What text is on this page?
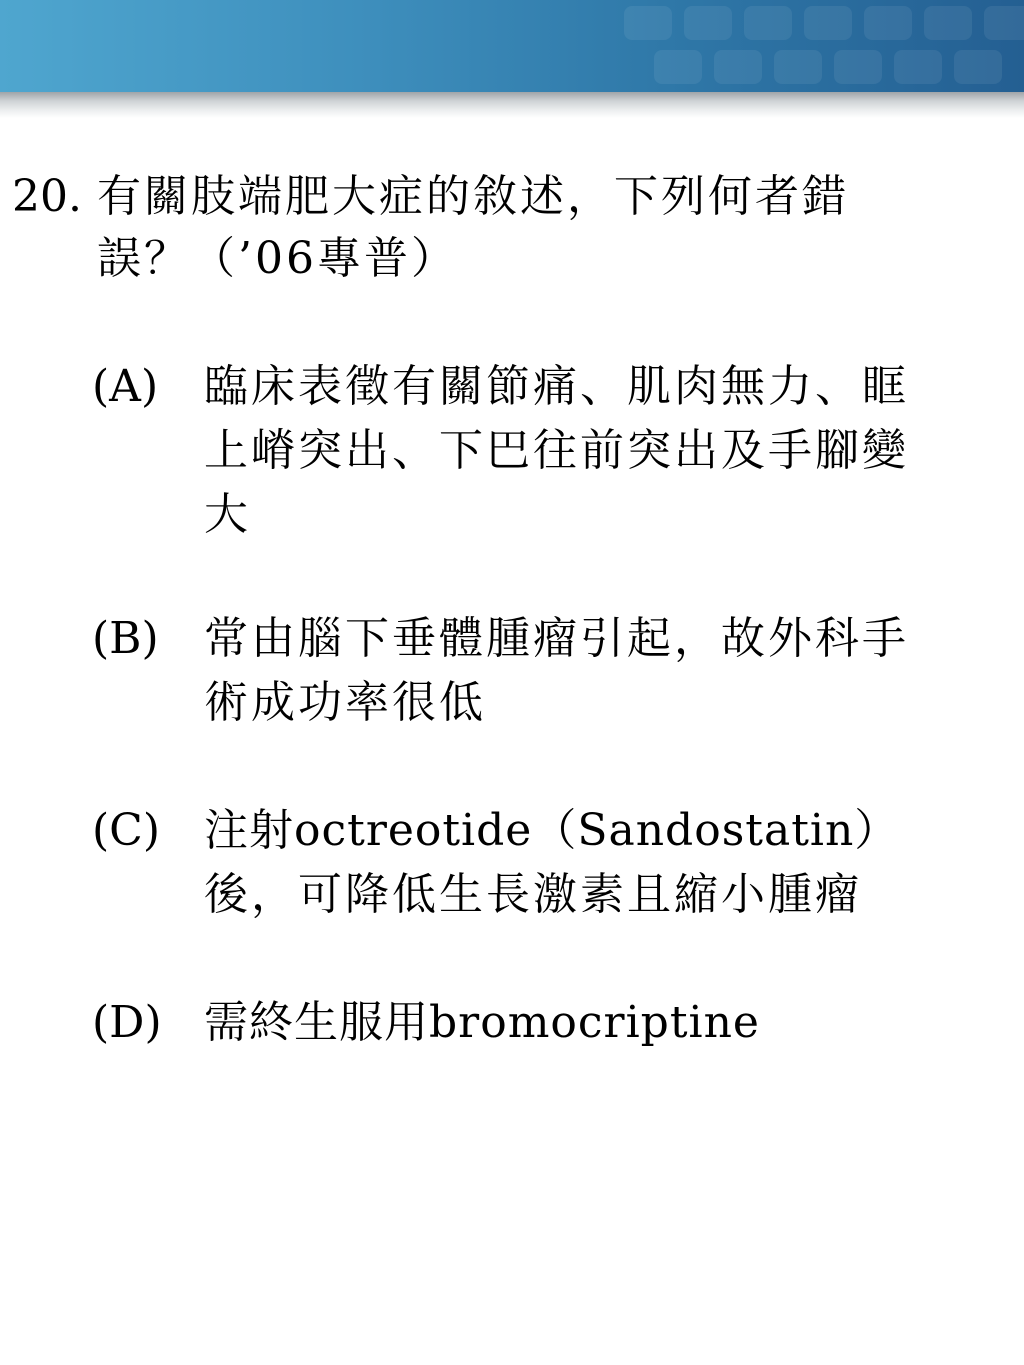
20. 有關肢端肥大症的敘述，下列何者錯
誤？（’06專普）
(A) 臨床表徵有關節痛、肌肉無力、眶
上嵴突出、下巴往前突出及手腳變
大
(B) 常由腦下垂體腫瘤引起，故外科手
術成功率很低
(C) 注射octreotide（Sandostatin）
後，可降低生長激素且縮小腫瘤
(D) 需終生服用bromocriptine
